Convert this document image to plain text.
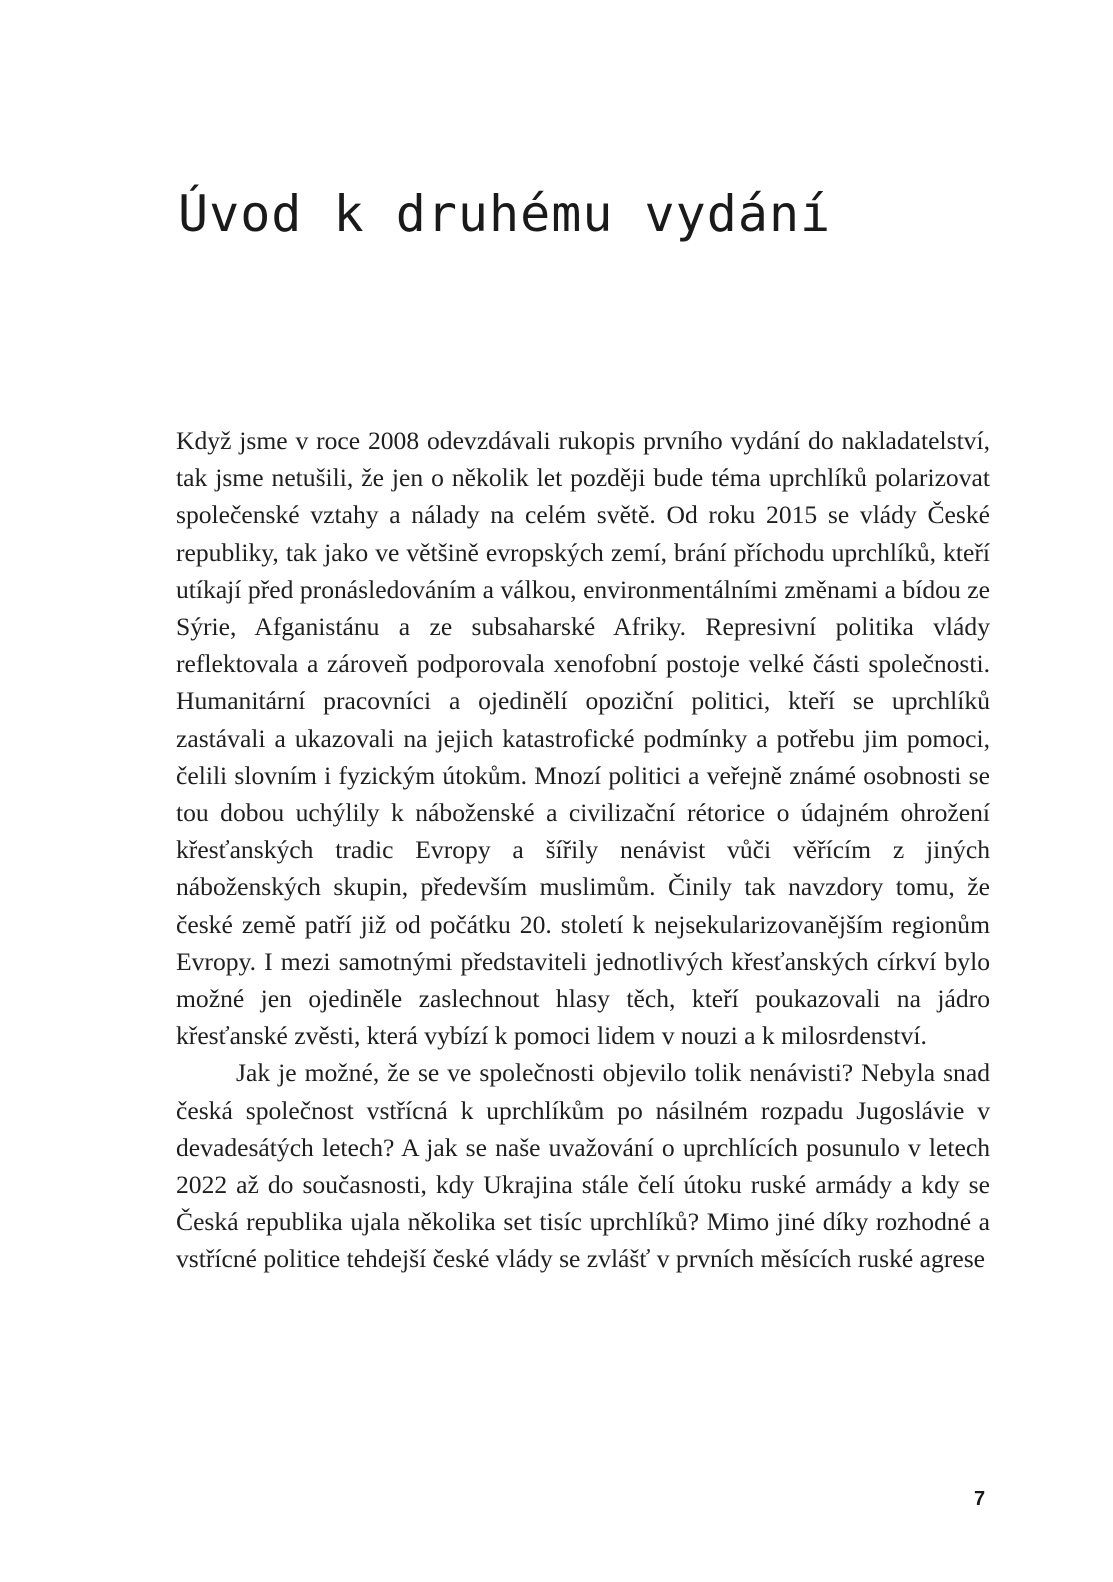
Úvod k druhému vydání

Když jsme v roce 2008 odevzdávali rukopis prvního vydání do nakladatelství, tak jsme netušili, že jen o několik let později bude téma uprchlíků polarizovat společenské vztahy a nálady na celém světě. Od roku 2015 se vlády České republiky, tak jako ve většině evropských zemí, brání příchodu uprchlíků, kteří utíkají před pronásledováním a válkou, environmentálními změnami a bídou ze Sýrie, Afganistánu a ze subsaharské Afriky. Represivní politika vlády reflektovala a zároveň podporovala xenofobní postoje velké části společnosti. Humanitární pracovníci a ojedinělí opoziční politici, kteří se uprchlíků zastávali a ukazovali na jejich katastrofické podmínky a potřebu jim pomoci, čelili slovním i fyzickým útokům. Mnozí politici a veřejně známé osobnosti se tou dobou uchýlily k náboženské a civilizační rétorice o údajném ohrožení křesťanských tradic Evropy a šířily nenávist vůči věřícím z jiných náboženských skupin, především muslimům. Činily tak navzdory tomu, že české země patří již od počátku 20. století k nejsekularizovanějším regionům Evropy. I mezi samotnými představiteli jednotlivých křesťanských církví bylo možné jen ojediněle zaslechnout hlasy těch, kteří poukazovali na jádro křesťanské zvěsti, která vybízí k pomoci lidem v nouzi a k milosrdenství.

Jak je možné, že se ve společnosti objevilo tolik nenávisti? Nebyla snad česká společnost vstřícná k uprchlíkům po násilném rozpadu Jugoslávie v devadesátých letech? A jak se naše uvažování o uprchlících posunulo v letech 2022 až do současnosti, kdy Ukrajina stále čelí útoku ruské armády a kdy se Česká republika ujala několika set tisíc uprchlíků? Mimo jiné díky rozhodné a vstřícné politice tehdejší české vlády se zvlášť v prvních měsících ruské agrese

7
